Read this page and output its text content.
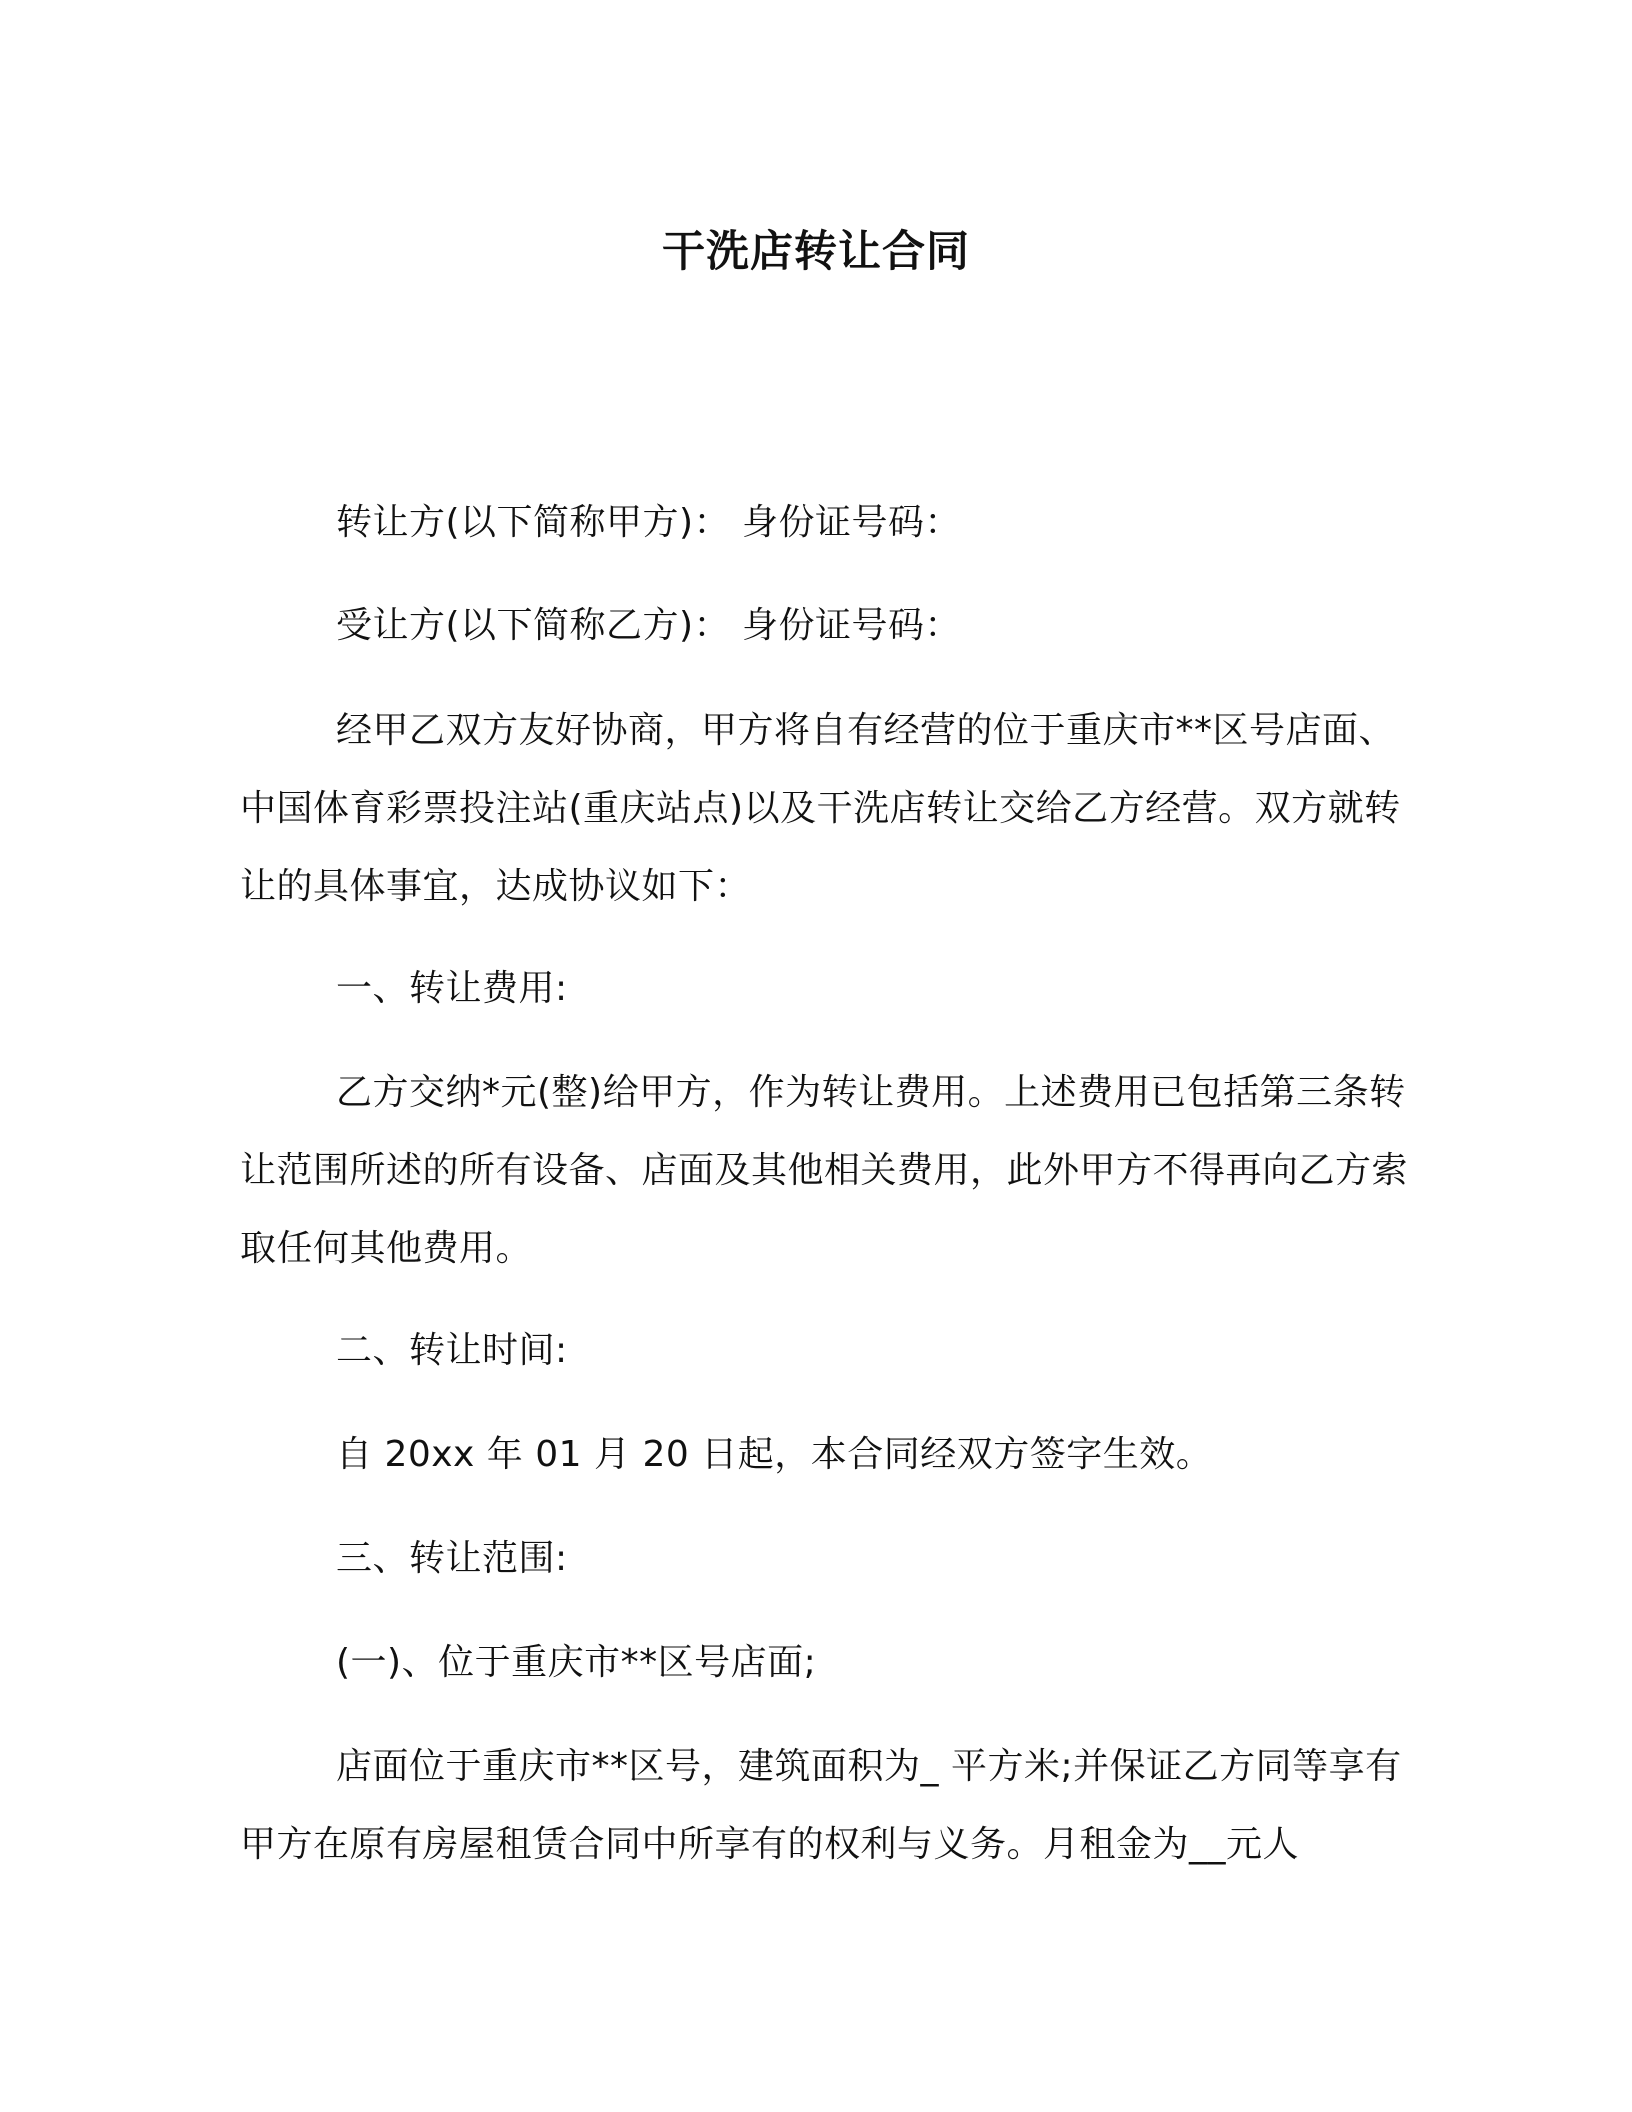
干洗店转让合同
转让方(以下简称甲方)： 身份证号码：
受让方(以下简称乙方)： 身份证号码：
经甲乙双方友好协商，甲方将自有经营的位于重庆市**区号店面、中国体育彩票投注站(重庆站点)以及干洗店转让交给乙方经营。双方就转让的具体事宜，达成协议如下：
一、转让费用:
乙方交纳*元(整)给甲方，作为转让费用。上述费用已包括第三条转让范围所述的所有设备、店面及其他相关费用，此外甲方不得再向乙方索取任何其他费用。
二、转让时间:
自 20xx 年 01 月 20 日起，本合同经双方签字生效。
三、转让范围:
(一)、位于重庆市**区号店面;
店面位于重庆市**区号，建筑面积为_ 平方米;并保证乙方同等享有甲方在原有房屋租赁合同中所享有的权利与义务。月租金为__元人
